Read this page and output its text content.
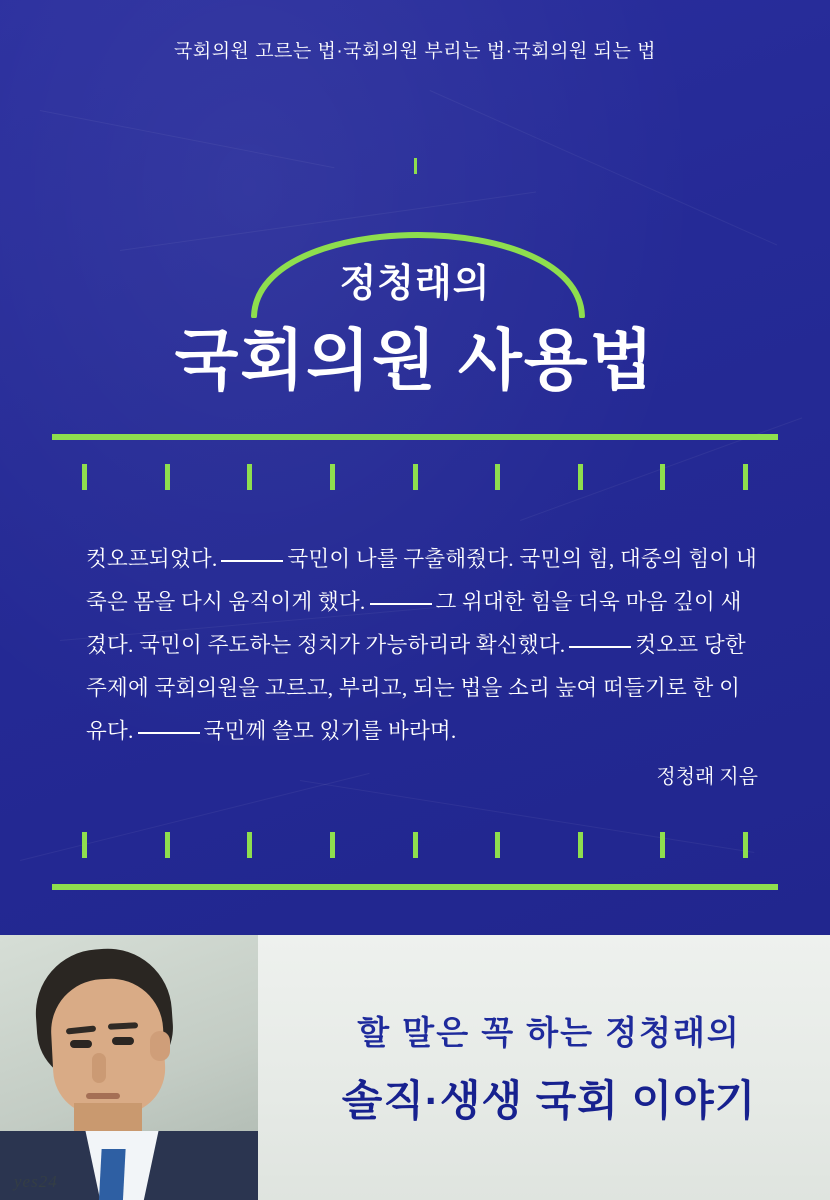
국회의원 고르는 법·국회의원 부리는 법·국회의원 되는 법
정청래의
국회의원 사용법
컷오프되었다.	국민이 나를 구출해줬다. 국민의 힘, 대중의 힘이 내 죽은 몸을 다시 움직이게 했다.	그 위대한 힘을 더욱 마음 깊이 새겼다. 국민이 주도하는 정치가 가능하리라 확신했다.	컷오프 당한 주제에 국회의원을 고르고, 부리고, 되는 법을 소리 높여 떠들기로 한 이유다.	국민께 쓸모 있기를 바라며.
정청래 지음
할 말은 꼭 하는 정청래의
솔직·생생 국회 이야기
yes24
